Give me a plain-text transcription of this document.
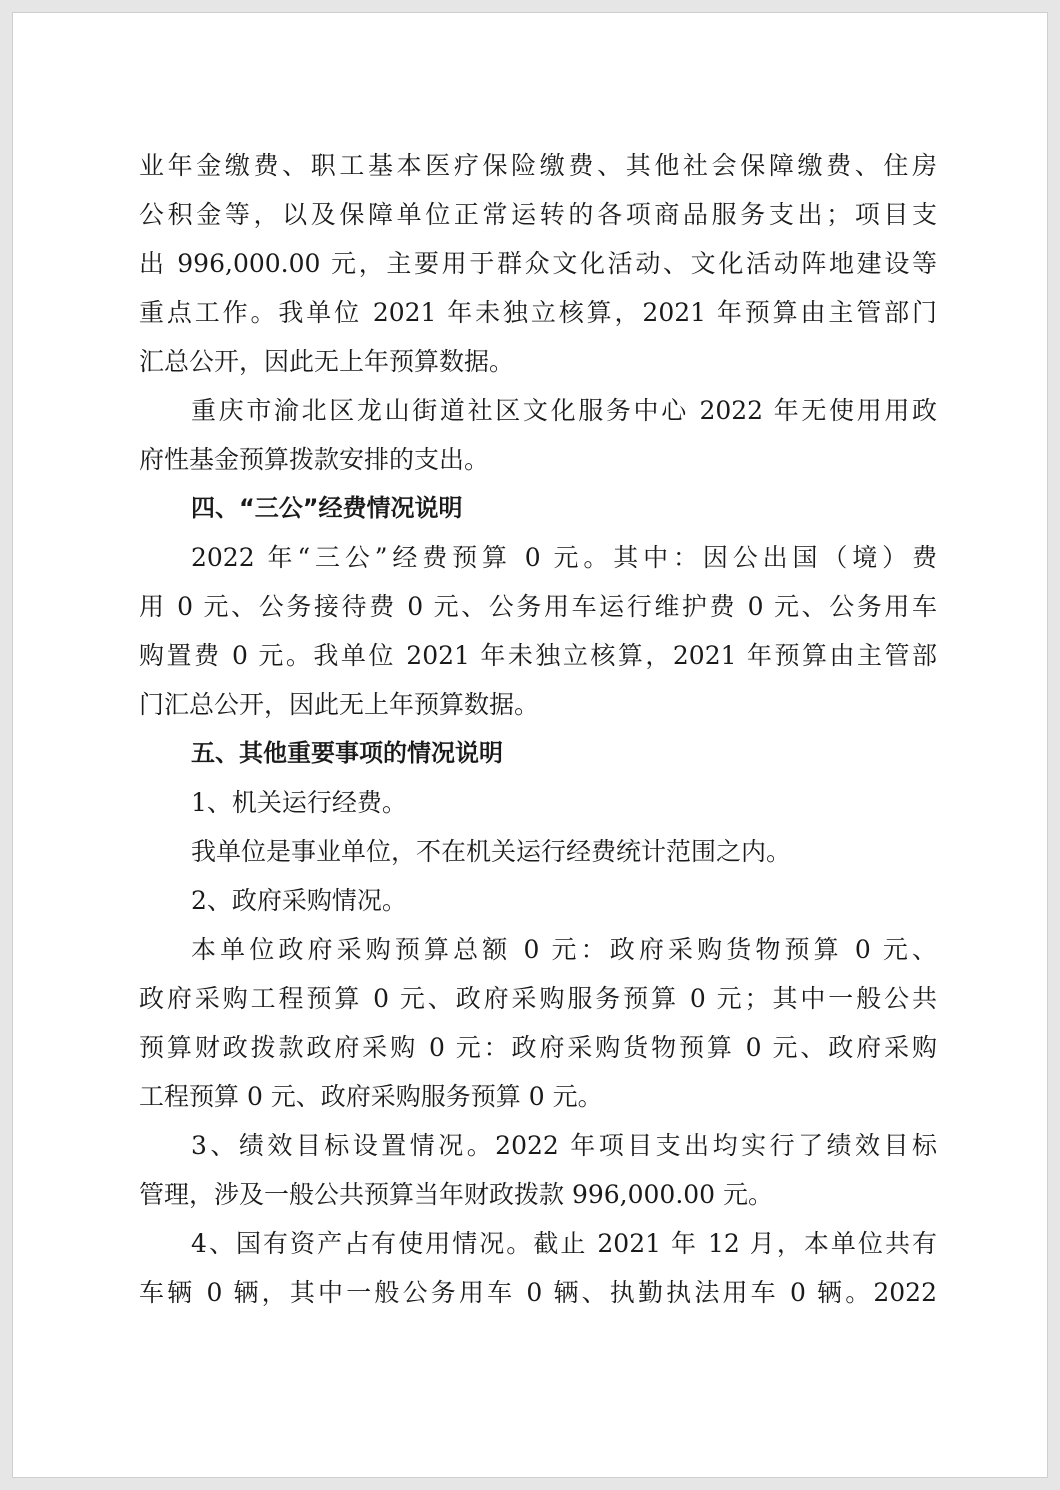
业年金缴费、职工基本医疗保险缴费、其他社会保障缴费、住房
公积金等，以及保障单位正常运转的各项商品服务支出；项目支
出 996,000.00 元，主要用于群众文化活动、文化活动阵地建设等
重点工作。我单位 2021 年未独立核算，2021 年预算由主管部门
汇总公开，因此无上年预算数据。
重庆市渝北区龙山街道社区文化服务中心 2022 年无使用用政
府性基金预算拨款安排的支出。
四、“三公”经费情况说明
2022 年“三公”经费预算 0 元。其中：因公出国（境）费
用 0 元、公务接待费 0 元、公务用车运行维护费 0 元、公务用车
购置费 0 元。我单位 2021 年未独立核算，2021 年预算由主管部
门汇总公开，因此无上年预算数据。
五、其他重要事项的情况说明
1、机关运行经费。
我单位是事业单位，不在机关运行经费统计范围之内。
2、政府采购情况。
本单位政府采购预算总额 0 元：政府采购货物预算 0 元、
政府采购工程预算 0 元、政府采购服务预算 0 元；其中一般公共
预算财政拨款政府采购 0 元：政府采购货物预算 0 元、政府采购
工程预算 0 元、政府采购服务预算 0 元。
3、绩效目标设置情况。2022 年项目支出均实行了绩效目标
管理，涉及一般公共预算当年财政拨款 996,000.00 元。
4、国有资产占有使用情况。截止 2021 年 12 月，本单位共有
车辆 0 辆，其中一般公务用车 0 辆、执勤执法用车 0 辆。2022
